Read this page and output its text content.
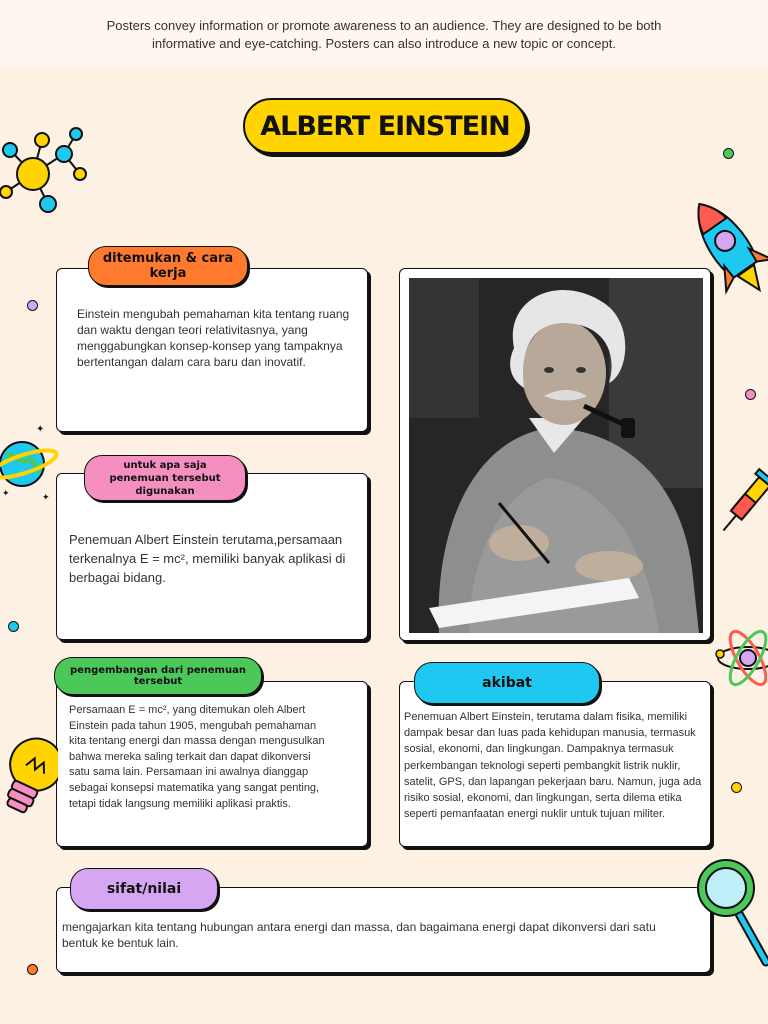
Posters convey information or promote awareness to an audience. They are designed to be both informative and eye-catching. Posters can also introduce a new topic or concept.

ALBERT EINSTEIN
ditemukan & cara kerja
Einstein mengubah pemahaman kita tentang ruang dan waktu dengan teori relativitasnya, yang menggabungkan konsep-konsep yang tampaknya bertentangan dalam cara baru dan inovatif.
untuk apa saja penemuan tersebut digunakan
Penemuan Albert Einstein terutama,persamaan terkenalnya E = mc², memiliki banyak aplikasi di berbagai bidang.
pengembangan dari penemuan tersebut
Persamaan E = mc², yang ditemukan oleh Albert Einstein pada tahun 1905, mengubah pemahaman kita tentang energi dan massa dengan mengusulkan bahwa mereka saling terkait dan dapat dikonversi satu sama lain. Persamaan ini awalnya dianggap sebagai konsepsi matematika yang sangat penting, tetapi tidak langsung memiliki aplikasi praktis.
akibat
Penemuan Albert Einstein, terutama dalam fisika, memiliki dampak besar dan luas pada kehidupan manusia, termasuk sosial, ekonomi, dan lingkungan. Dampaknya termasuk perkembangan teknologi seperti pembangkit listrik nuklir, satelit, GPS, dan lapangan pekerjaan baru. Namun, juga ada risiko sosial, ekonomi, dan lingkungan, serta dilema etika seperti pemanfaatan energi nuklir untuk tujuan militer.
sifat/nilai
mengajarkan kita tentang hubungan antara energi dan massa, dan bagaimana energi dapat dikonversi dari satu bentuk ke bentuk lain.
✦
✦
✦
